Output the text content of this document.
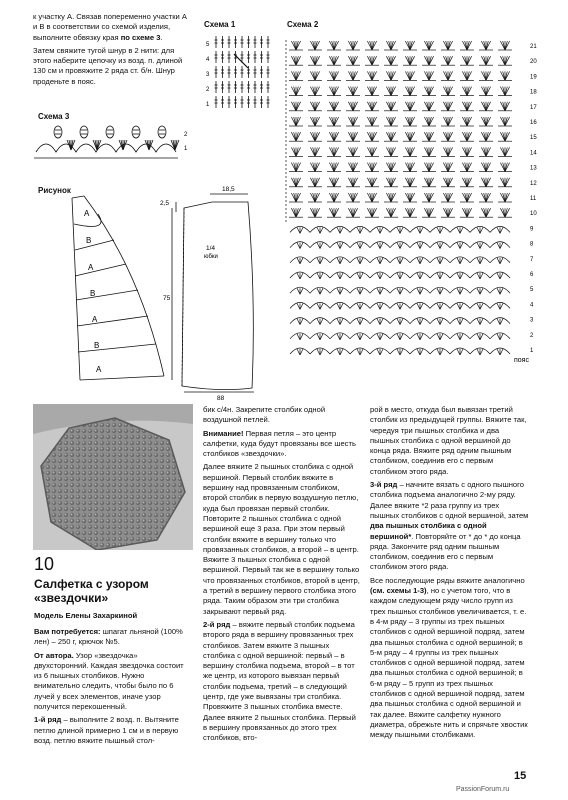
к участку А. Связав попеременно участки А и В в соответствии со схемой изделия, выполните обвязку края по схеме 3.

Затем свяжите тугой шнур в 2 нити: для этого наберите цепочку из возд. п. длиной 130 см и провяжите 2 ряда ст. б/н. Шнур проденьте в пояс.

Схема 1
5
4
3
2
1
Схема 2
21
20
19
18
17
16
15
14
13
12
11
10
9
8
7
6
5
4
3
2
1
пояс
Схема 3
2
1
Рисунок
А
В
А
В
А
В
А
18,5
2,5
75
88
1/4
юбки
10
Салфетка с узором «звездочки»
Модель Елены Захаркиной

Вам потребуется: шпагат льняной (100% лен) – 250 г, крючок №5.

От автора. Узор «звездочка» двухсторонний. Каждая звездочка состоит из 6 пышных столбиков. Нужно внимательно следить, чтобы было по 6 лучей у всех элементов, иначе узор получится перекошенный.

1-й ряд – выполните 2 возд. п. Вытяните петлю длиной примерно 1 см и в первую возд. петлю вяжите пышный стол-

бик с/4н. Закрепите столбик одной воздушной петлей.

Внимание! Первая петля – это центр салфетки, куда будут провязаны все шесть столбиков «звездочки».

Далее вяжите 2 пышных столбика с одной вершиной. Первый столбик вяжите в вершину над провязанным столбиком, второй столбик в первую воздушную петлю, куда был провязан первый столбик. Повторите 2 пышных столбика с одной вершиной еще 3 раза. При этом первый столбик вяжите в вершину только что провязанных столбиков, а второй – в центр. Вяжите 3 пышных столбика с одной вершиной. Первый так же в вершину только что провязанных столбиков, второй в центр, а третий в вершину первого столбика этого ряда. Таким образом эти три столбика закрывают первый ряд.

2-й ряд – вяжите первый столбик подъема второго ряда в вершину провязанных трех столбиков. Затем вяжите 3 пышных столбика с одной вершиной: первый – в вершину столбика подъема, второй – в тот же центр, из которого вывязан первый столбик подъема, третий – в следующий центр, где уже вывязаны три столбика. Провяжите 3 пышных столбика вместе. Далее вяжите 2 пышных столбика. Первый в вершину провязанных до этого трех столбиков, вто-

рой в место, откуда был вывязан третий столбик из предыдущей группы. Вяжите так, чередуя три пышных столбика и два пышных столбика с одной вершиной до конца ряда. Вяжите ряд одним пышным столбиком, соединив его с первым столбиком этого ряда.

3-й ряд – начните вязать с одного пышного столбика подъема аналогично 2-му ряду. Далее вяжите *2 раза группу из трех пышных столбиков с одной вершиной, затем два пышных столбика с одной вершиной*. Повторяйте от * до * до конца ряда. Закончите ряд одним пышным столбиком, соединив его с первым столбиком этого ряда.

Все последующие ряды вяжите аналогично (см. схемы 1-3), но с учетом того, что в каждом следующем ряду число групп из трех пышных столбиков увеличивается, т. е. в 4-м ряду – 3 группы из трех пышных столбиков с одной вершиной подряд, затем два пышных столбика с одной вершиной; в 5-м ряду – 4 группы из трех пышных столбиков с одной вершиной подряд, затем два пышных столбика с одной вершиной; в 6-м ряду – 5 групп из трех пышных столбиков с одной вершиной подряд, затем два пышных столбика с одной вершиной и так далее. Вяжите салфетку нужного диаметра, обрежьте нить и спрячьте хвостик между пышными столбиками.

PassionForum.ru
15
